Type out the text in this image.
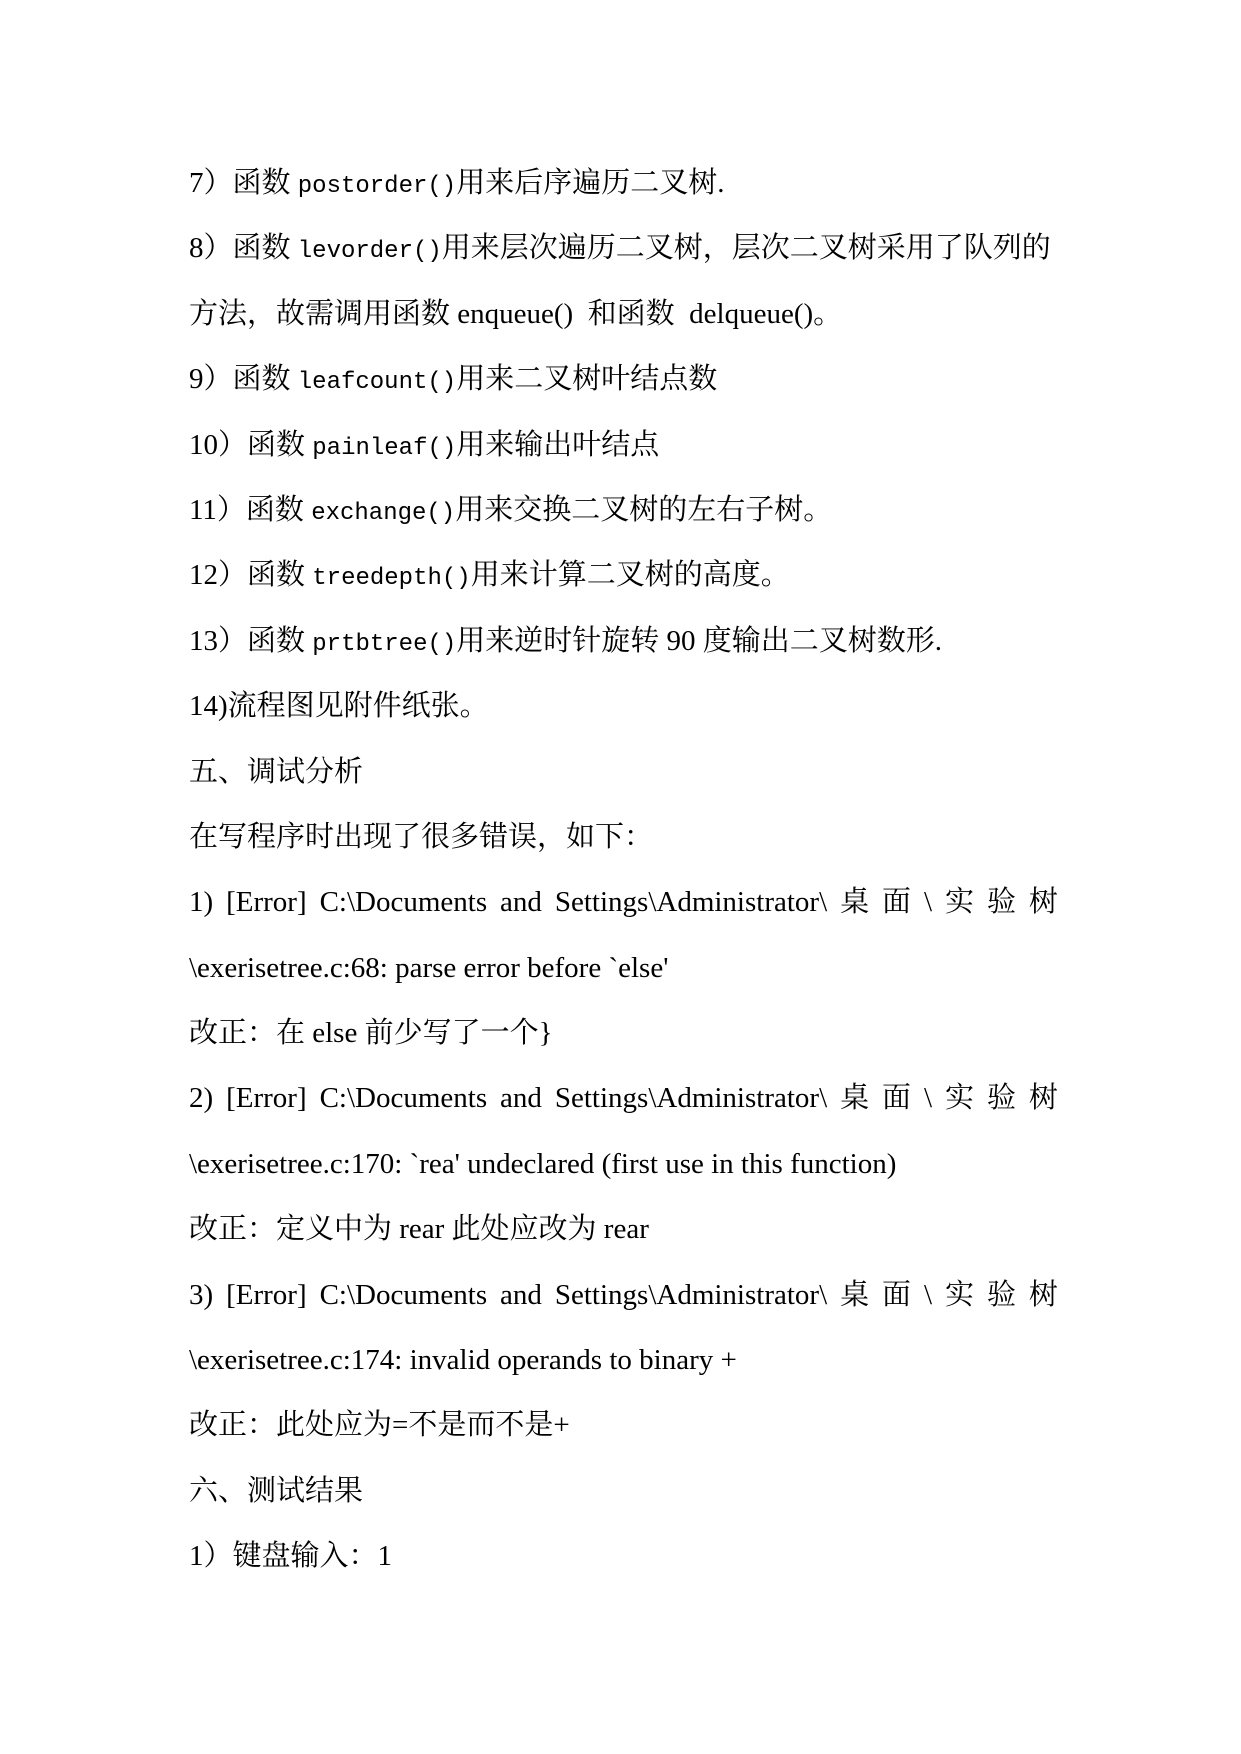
7）函数 postorder()用来后序遍历二叉树.
8）函数 levorder()用来层次遍历二叉树，层次二叉树采用了队列的
方法，故需调用函数 enqueue()  和函数  delqueue()。
9）函数 leafcount()用来二叉树叶结点数
10）函数 painleaf()用来输出叶结点
11）函数 exchange()用来交换二叉树的左右子树。
12）函数 treedepth()用来计算二叉树的高度。
13）函数 prtbtree()用来逆时针旋转 90 度输出二叉树数形.
14)流程图见附件纸张。
五、调试分析
在写程序时出现了很多错误，如下：
1) [Error] C:\Documents and Settings\Administrator\ 桌 面 \ 实 验 树
\exerisetree.c:68: parse error before `else'
改正：在 else 前少写了一个}
2) [Error] C:\Documents and Settings\Administrator\ 桌 面 \ 实 验 树
\exerisetree.c:170: `rea' undeclared (first use in this function)
改正：定义中为 rear 此处应改为 rear
3) [Error] C:\Documents and Settings\Administrator\ 桌 面 \ 实 验 树
\exerisetree.c:174: invalid operands to binary +
改正：此处应为=不是而不是+
六、测试结果
1）键盘输入：1
